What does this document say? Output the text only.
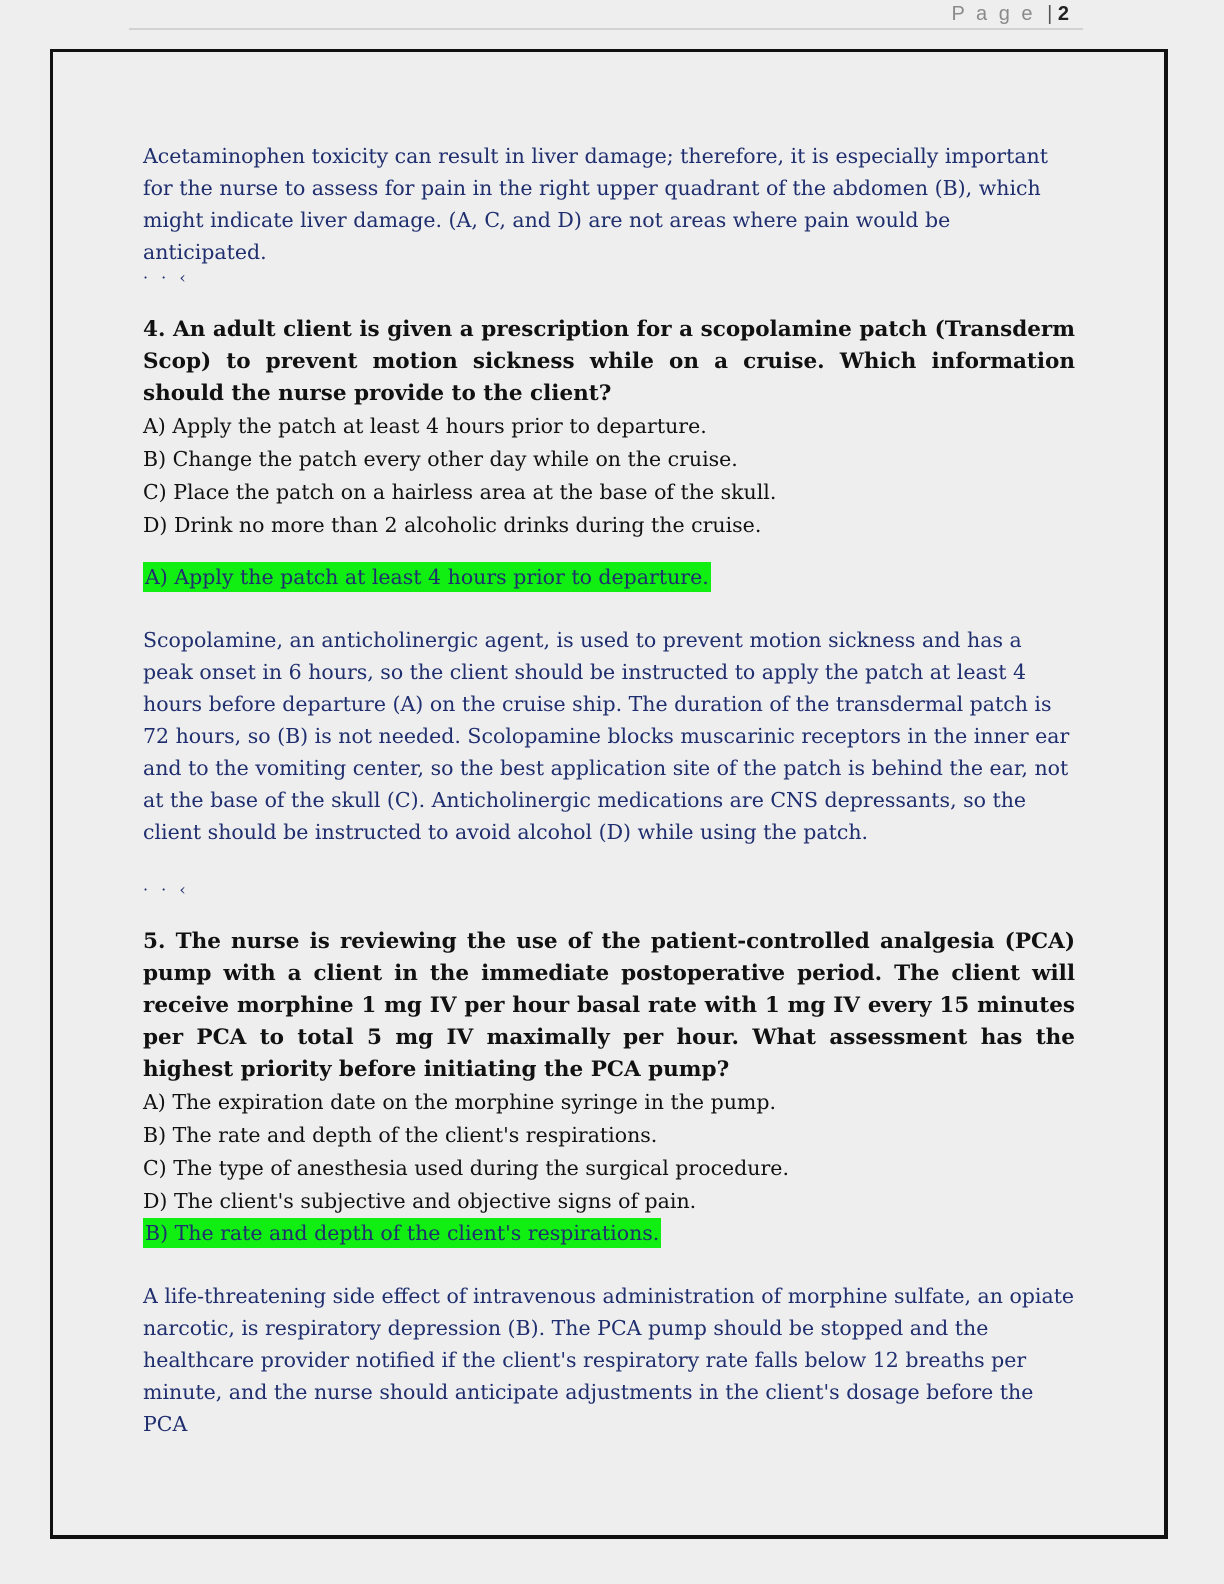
P a g e | 2

Acetaminophen toxicity can result in liver damage; therefore, it is especially important for the nurse to assess for pain in the right upper quadrant of the abdomen (B), which might indicate liver damage. (A, C, and D) are not areas where pain would be anticipated.

· · ‹

4. An adult client is given a prescription for a scopolamine patch (Transderm Scop) to prevent motion sickness while on a cruise. Which information should the nurse provide to the client?

A) Apply the patch at least 4 hours prior to departure.

B) Change the patch every other day while on the cruise.

C) Place the patch on a hairless area at the base of the skull.

D) Drink no more than 2 alcoholic drinks during the cruise.

A) Apply the patch at least 4 hours prior to departure.

Scopolamine, an anticholinergic agent, is used to prevent motion sickness and has a peak onset in 6 hours, so the client should be instructed to apply the patch at least 4 hours before departure (A) on the cruise ship. The duration of the transdermal patch is 72 hours, so (B) is not needed. Scolopamine blocks muscarinic receptors in the inner ear and to the vomiting center, so the best application site of the patch is behind the ear, not at the base of the skull (C). Anticholinergic medications are CNS depressants, so the client should be instructed to avoid alcohol (D) while using the patch.

· · ‹

5. The nurse is reviewing the use of the patient-controlled analgesia (PCA) pump with a client in the immediate postoperative period. The client will receive morphine 1 mg IV per hour basal rate with 1 mg IV every 15 minutes per PCA to total 5 mg IV maximally per hour. What assessment has the highest priority before initiating the PCA pump?

A) The expiration date on the morphine syringe in the pump.

B) The rate and depth of the client's respirations.

C) The type of anesthesia used during the surgical procedure.

D) The client's subjective and objective signs of pain.

B) The rate and depth of the client's respirations.

A life-threatening side effect of intravenous administration of morphine sulfate, an opiate narcotic, is respiratory depression (B). The PCA pump should be stopped and the healthcare provider notified if the client's respiratory rate falls below 12 breaths per minute, and the nurse should anticipate adjustments in the client's dosage before the PCA
